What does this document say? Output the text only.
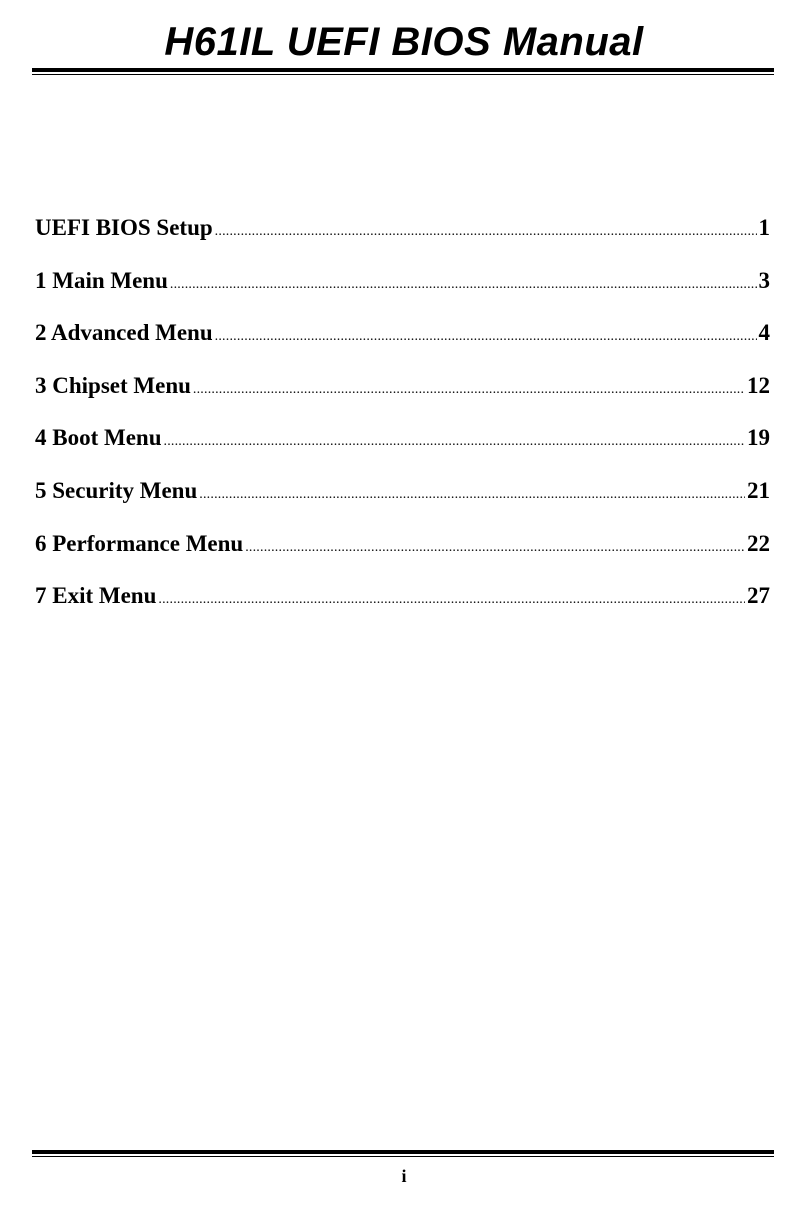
H61IL UEFI BIOS Manual
UEFI BIOS Setup .....	1
1 Main Menu .....	3
2 Advanced Menu .....	4
3 Chipset Menu .....	12
4 Boot Menu .....	19
5 Security Menu .....	21
6 Performance Menu .....	22
7 Exit Menu .....	27
i
